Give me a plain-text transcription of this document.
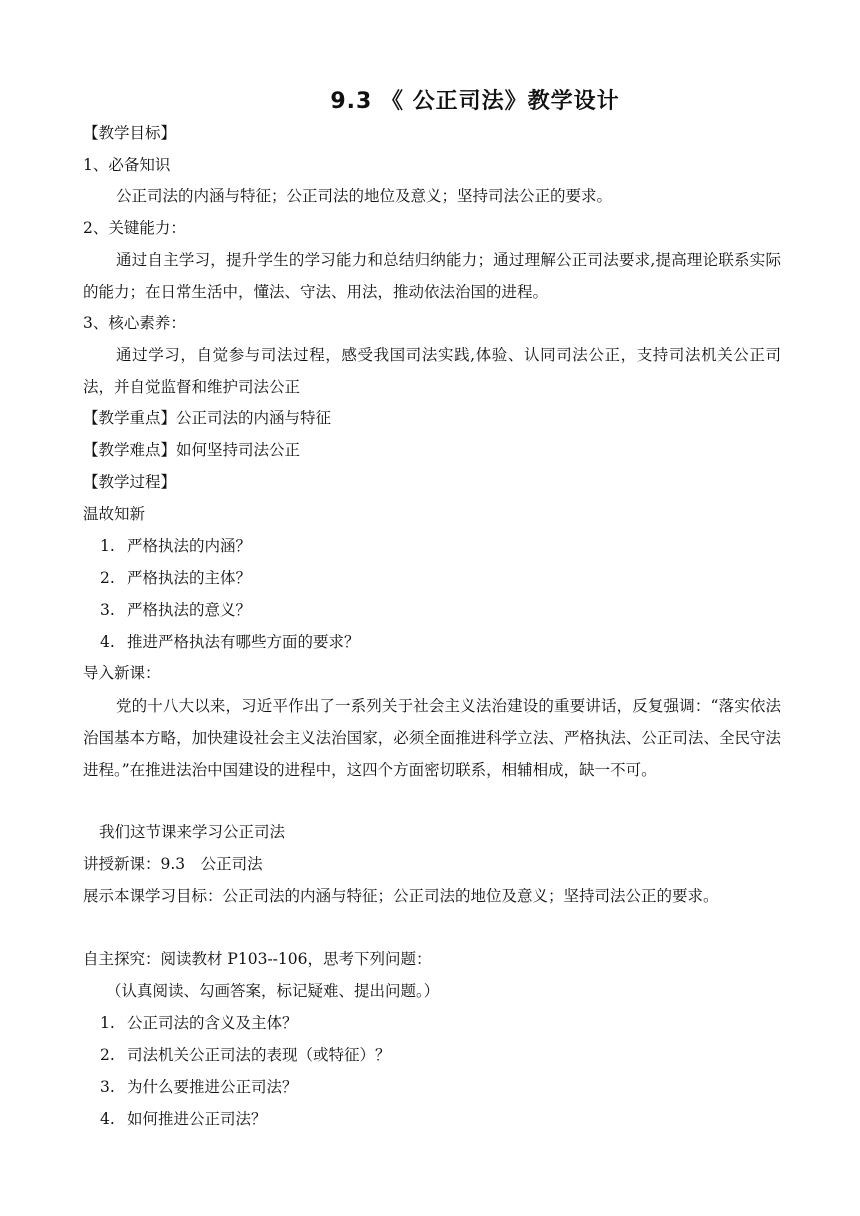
9.3 《 公正司法》教学设计
【教学目标】
1、必备知识
公正司法的内涵与特征；公正司法的地位及意义；坚持司法公正的要求。
2、关键能力：
通过自主学习，提升学生的学习能力和总结归纳能力；通过理解公正司法要求,提高理论联系实际的能力；在日常生活中，懂法、守法、用法，推动依法治国的进程。
3、核心素养：
通过学习，自觉参与司法过程，感受我国司法实践,体验、认同司法公正，支持司法机关公正司法，并自觉监督和维护司法公正
【教学重点】公正司法的内涵与特征
【教学难点】如何坚持司法公正
【教学过程】
温故知新
1. 严格执法的内涵？
2. 严格执法的主体？
3. 严格执法的意义？
4. 推进严格执法有哪些方面的要求？
导入新课：
党的十八大以来，习近平作出了一系列关于社会主义法治建设的重要讲话，反复强调：“落实依法治国基本方略，加快建设社会主义法治国家，必须全面推进科学立法、严格执法、公正司法、全民守法进程。”在推进法治中国建设的进程中，这四个方面密切联系，相辅相成，缺一不可。
我们这节课来学习公正司法
讲授新课：9.3　公正司法
展示本课学习目标：公正司法的内涵与特征；公正司法的地位及意义；坚持司法公正的要求。
自主探究：阅读教材 P103--106，思考下列问题：
（认真阅读、勾画答案，标记疑难、提出问题。）
1. 公正司法的含义及主体？
2. 司法机关公正司法的表现（或特征）？
3. 为什么要推进公正司法？
4. 如何推进公正司法？
